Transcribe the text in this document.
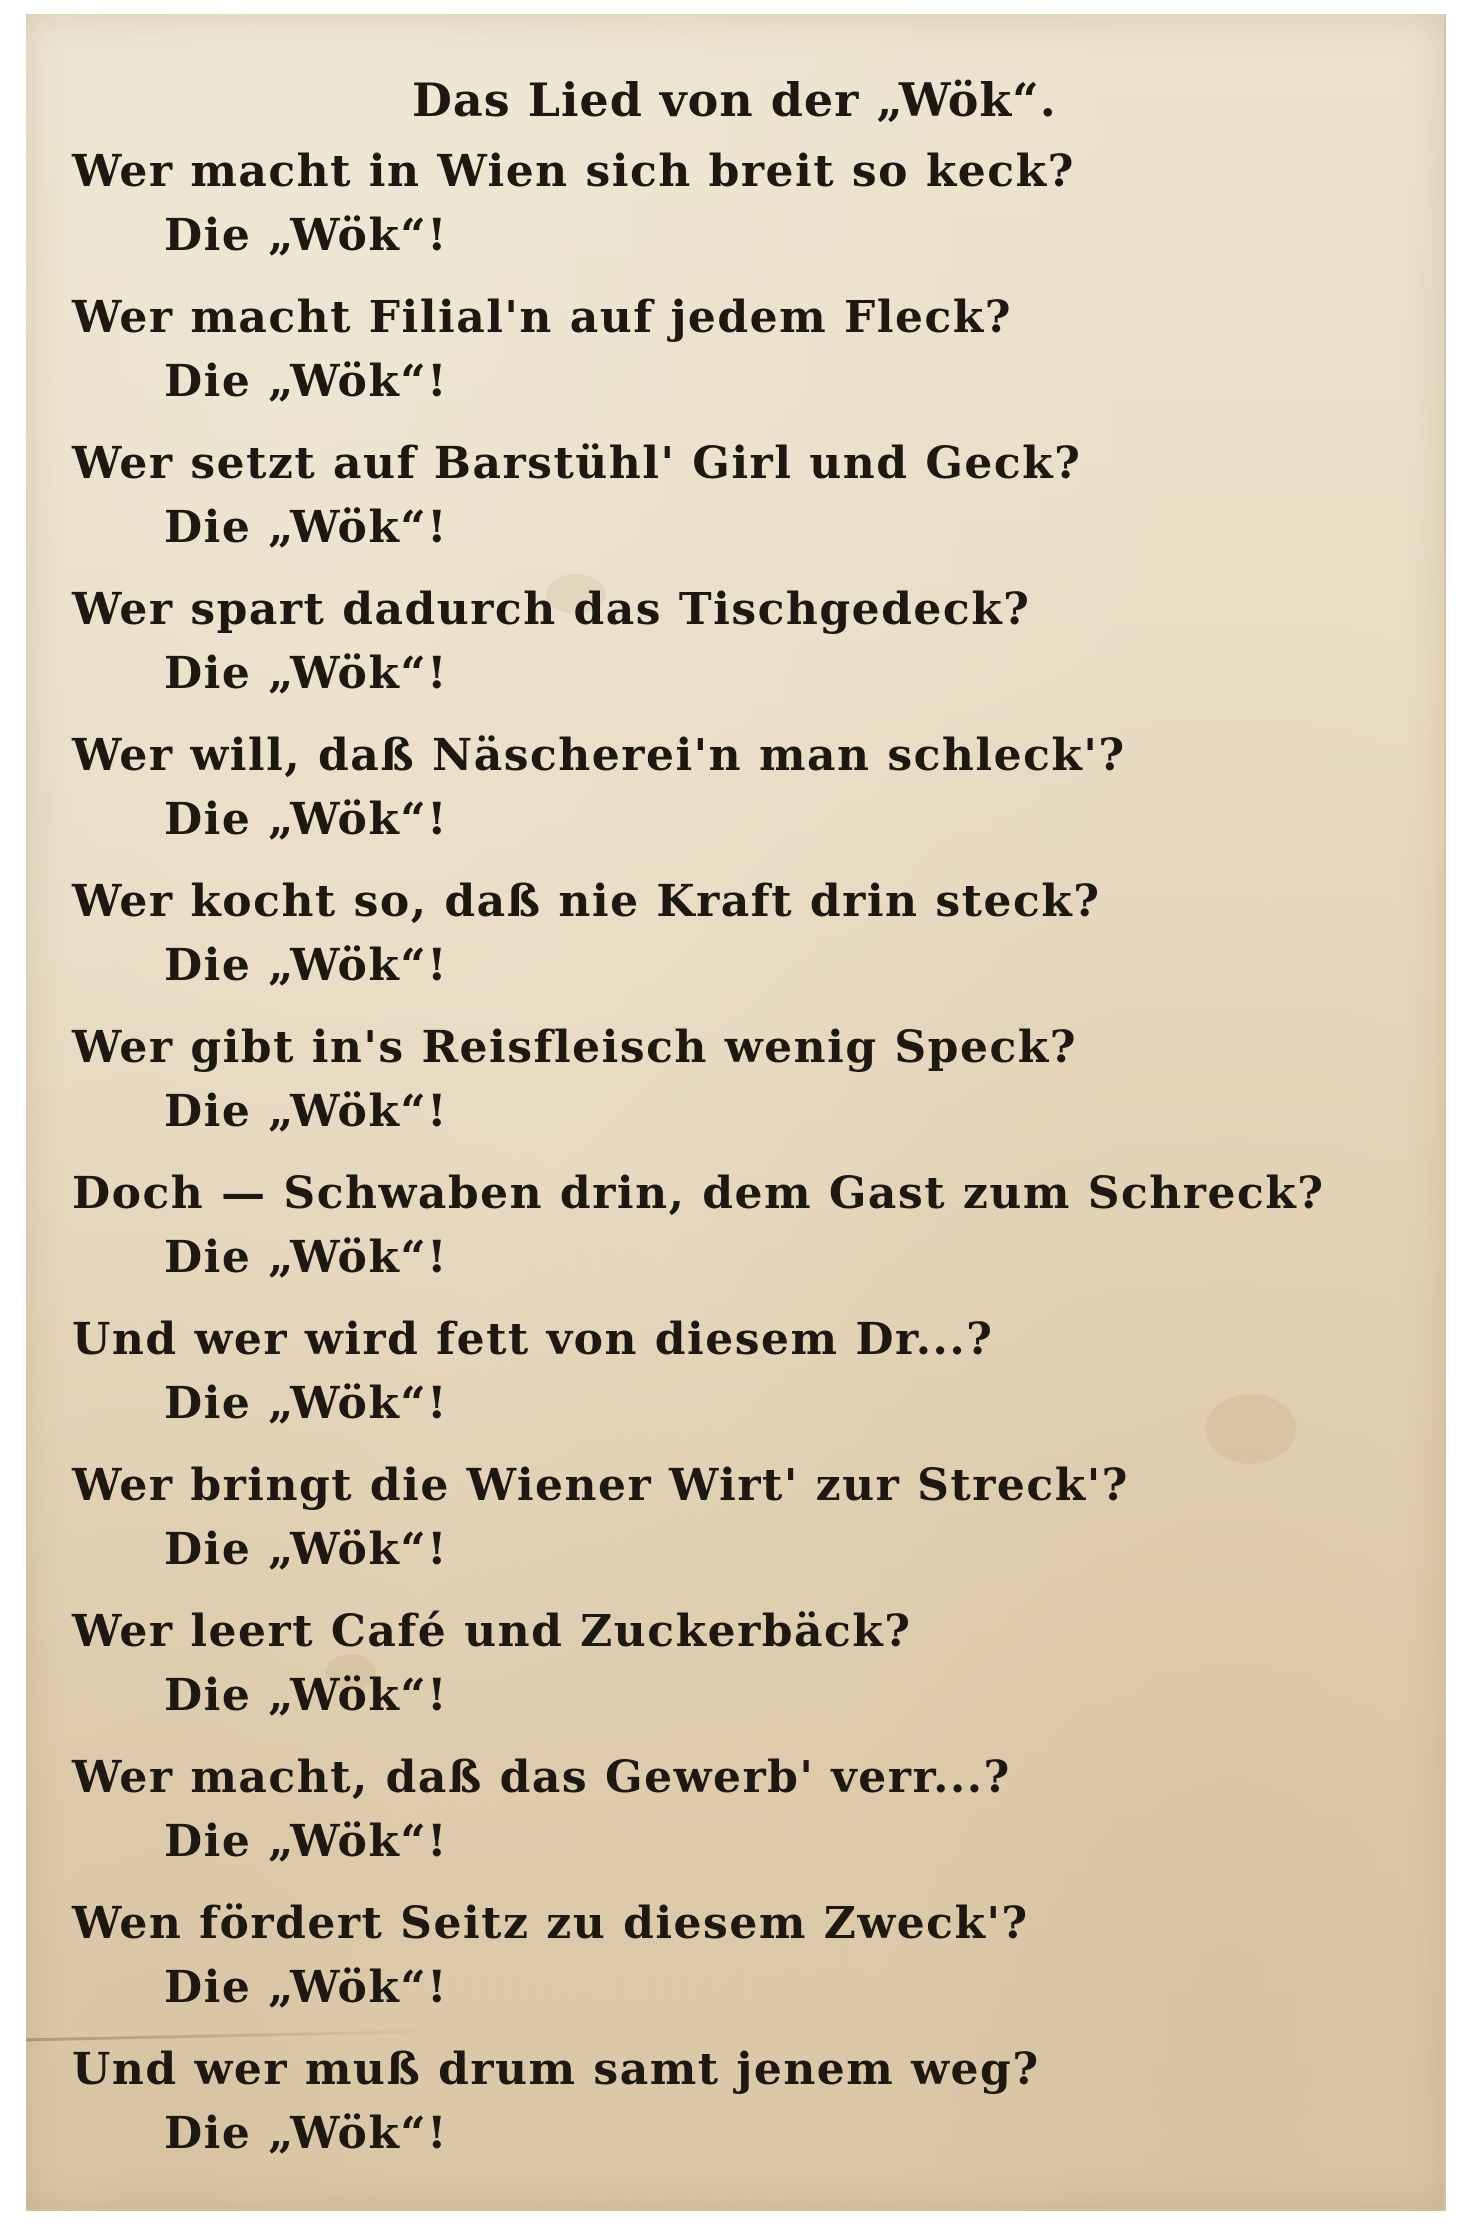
Das Lied von der „Wök“.
Wer macht in Wien sich breit so keck?
Die „Wök“!
Wer macht Filial'n auf jedem Fleck?
Die „Wök“!
Wer setzt auf Barstühl' Girl und Geck?
Die „Wök“!
Wer spart dadurch das Tischgedeck?
Die „Wök“!
Wer will, daß Näscherei'n man schleck'?
Die „Wök“!
Wer kocht so, daß nie Kraft drin steck?
Die „Wök“!
Wer gibt in's Reisfleisch wenig Speck?
Die „Wök“!
Doch — Schwaben drin, dem Gast zum Schreck?
Die „Wök“!
Und wer wird fett von diesem Dr...?
Die „Wök“!
Wer bringt die Wiener Wirt' zur Streck'?
Die „Wök“!
Wer leert Café und Zuckerbäck?
Die „Wök“!
Wer macht, daß das Gewerb' verr...?
Die „Wök“!
Wen fördert Seitz zu diesem Zweck'?
Die „Wök“!
Und wer muß drum samt jenem weg?
Die „Wök“!
